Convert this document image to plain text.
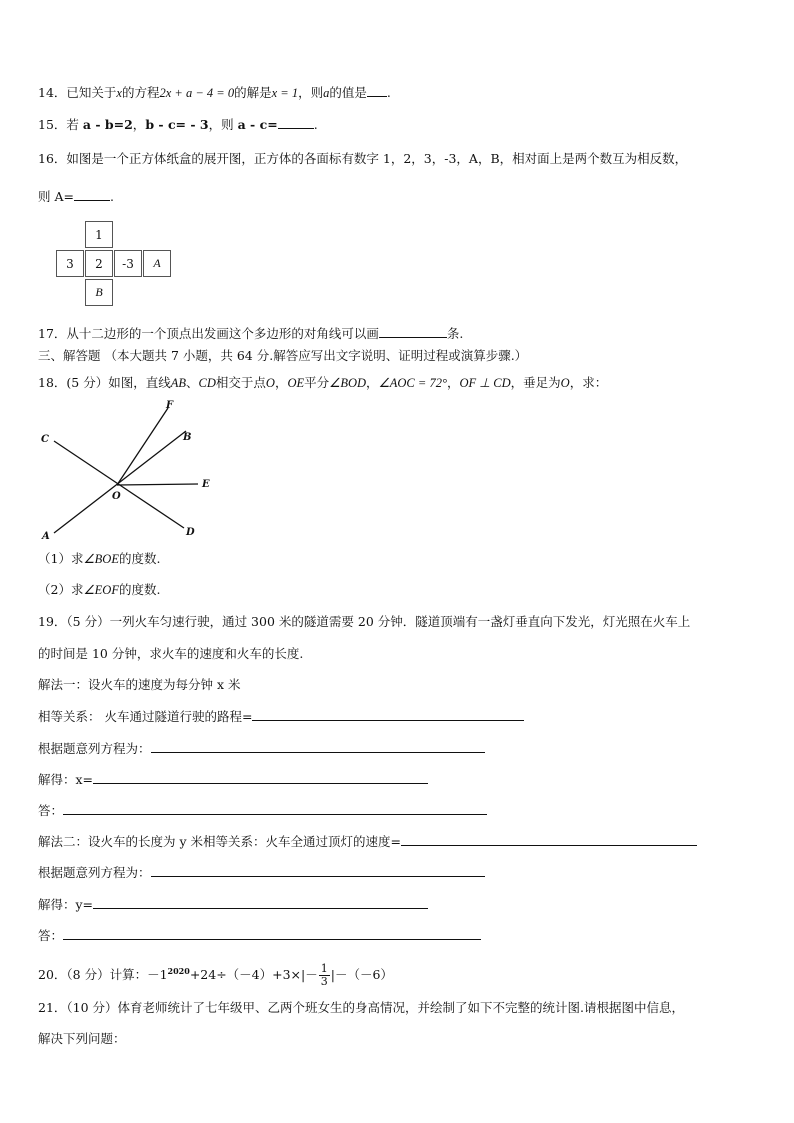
14．已知关于x的方程2x + a − 4 = 0的解是x = 1，则a的值是 .
15．若 a - b=2，b - c= - 3，则 a - c=	.
16．如图是一个正方体纸盒的展开图，正方体的各面标有数字 1，2，3，-3，A，B，相对面上是两个数互为相反数，
则 A=	.
1
3	2	-3	A
B
17．从十二边形的一个顶点出发画这个多边形的对角线可以画	条.
三、解答题 （本大题共 7 小题，共 64 分.解答应写出文字说明、证明过程或演算步骤.）
18．(5 分）如图，直线AB、CD相交于点O，OE平分∠BOD，∠AOC = 72°，OF ⊥ CD，垂足为O，求：
F
B
C
E
O
A	D
（1）求∠BOE的度数.
（2）求∠EOF的度数.
19．（5 分）一列火车匀速行驶，通过 300 米的隧道需要 20 分钟．隧道顶端有一盏灯垂直向下发光，灯光照在火车上
的时间是 10 分钟，求火车的速度和火车的长度.
解法一：设火车的速度为每分钟 x 米
相等关系： 火车通过隧道行驶的路程=
根据题意列方程为：
解得：x=
答：
解法二：设火车的长度为 y 米相等关系：火车全通过顶灯的速度=
根据题意列方程为：
解得：y=
答：
20．（8 分）计算：$-1^{2020}+24\div(-4)+3\times|- \frac{1}{3} |-(-6)$
21．（10 分）体育老师统计了七年级甲、乙两个班女生的身高情况，并绘制了如下不完整的统计图.请根据图中信息，
解决下列问题：
